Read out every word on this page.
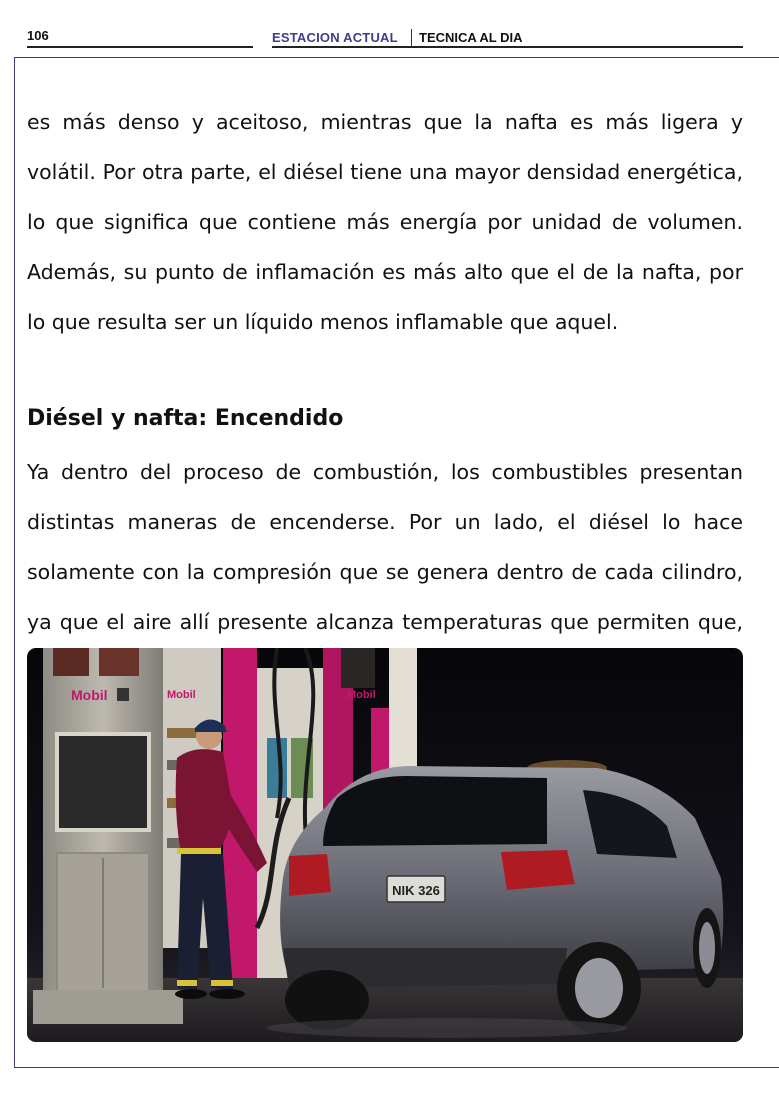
106	ESTACION ACTUAL TECNICA AL DIA
es más denso y aceitoso, mientras que la nafta es más ligera y volátil. Por otra parte, el diésel tiene una mayor densidad energética, lo que significa que contiene más energía por unidad de volumen. Además, su punto de inflamación es más alto que el de la nafta, por lo que resulta ser un líquido menos inflamable que aquel.
Diésel y nafta: Encendido
Ya dentro del proceso de combustión, los combustibles presentan distintas maneras de encenderse. Por un lado, el diésel lo hace solamente con la compresión que se genera dentro de cada cilindro, ya que el aire allí presente alcanza temperaturas que permiten que,
Mobil	Mobil	Mobil
NIK 326
